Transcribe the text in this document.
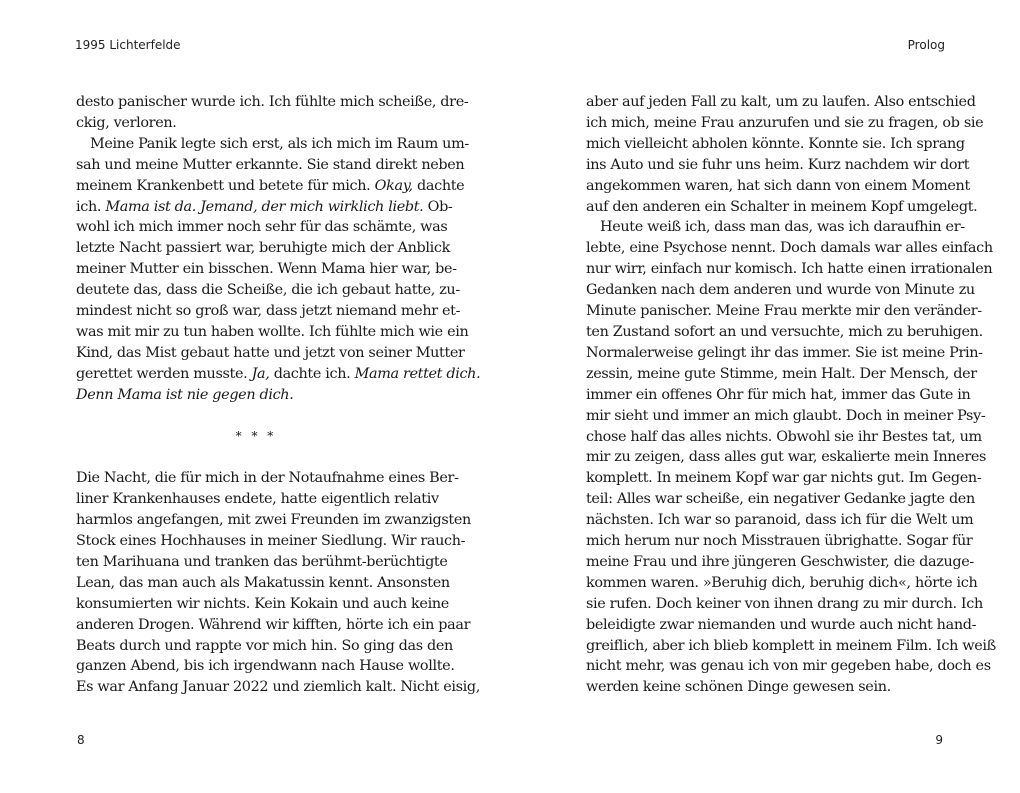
1995 Lichterfelde
desto panischer wurde ich. Ich fühlte mich scheiße, dre-
ckig, verloren.
Meine Panik legte sich erst, als ich mich im Raum um-
sah und meine Mutter erkannte. Sie stand direkt neben
meinem Krankenbett und betete für mich. Okay, dachte
ich. Mama ist da. Jemand, der mich wirklich liebt. Ob-
wohl ich mich immer noch sehr für das schämte, was
letzte Nacht passiert war, beruhigte mich der Anblick
meiner Mutter ein bisschen. Wenn Mama hier war, be-
deutete das, dass die Scheiße, die ich gebaut hatte, zu-
mindest nicht so groß war, dass jetzt niemand mehr et-
was mit mir zu tun haben wollte. Ich fühlte mich wie ein
Kind, das Mist gebaut hatte und jetzt von seiner Mutter
gerettet werden musste. Ja, dachte ich. Mama rettet dich.
Denn Mama ist nie gegen dich.
* * *
Die Nacht, die für mich in der Notaufnahme eines Ber-
liner Krankenhauses endete, hatte eigentlich relativ
harmlos angefangen, mit zwei Freunden im zwanzigsten
Stock eines Hochhauses in meiner Siedlung. Wir rauch-
ten Marihuana und tranken das berühmt-berüchtigte
Lean, das man auch als Makatussin kennt. Ansonsten
konsumierten wir nichts. Kein Kokain und auch keine
anderen Drogen. Während wir kifften, hörte ich ein paar
Beats durch und rappte vor mich hin. So ging das den
ganzen Abend, bis ich irgendwann nach Hause wollte.
Es war Anfang Januar 2022 und ziemlich kalt. Nicht eisig,
8
Prolog
aber auf jeden Fall zu kalt, um zu laufen. Also entschied
ich mich, meine Frau anzurufen und sie zu fragen, ob sie
mich vielleicht abholen könnte. Konnte sie. Ich sprang
ins Auto und sie fuhr uns heim. Kurz nachdem wir dort
angekommen waren, hat sich dann von einem Moment
auf den anderen ein Schalter in meinem Kopf umgelegt.
Heute weiß ich, dass man das, was ich daraufhin er-
lebte, eine Psychose nennt. Doch damals war alles einfach
nur wirr, einfach nur komisch. Ich hatte einen irrationalen
Gedanken nach dem anderen und wurde von Minute zu
Minute panischer. Meine Frau merkte mir den veränder-
ten Zustand sofort an und versuchte, mich zu beruhigen.
Normalerweise gelingt ihr das immer. Sie ist meine Prin-
zessin, meine gute Stimme, mein Halt. Der Mensch, der
immer ein offenes Ohr für mich hat, immer das Gute in
mir sieht und immer an mich glaubt. Doch in meiner Psy-
chose half das alles nichts. Obwohl sie ihr Bestes tat, um
mir zu zeigen, dass alles gut war, eskalierte mein Inneres
komplett. In meinem Kopf war gar nichts gut. Im Gegen-
teil: Alles war scheiße, ein negativer Gedanke jagte den
nächsten. Ich war so paranoid, dass ich für die Welt um
mich herum nur noch Misstrauen übrighatte. Sogar für
meine Frau und ihre jüngeren Geschwister, die dazuge-
kommen waren. »Beruhig dich, beruhig dich«, hörte ich
sie rufen. Doch keiner von ihnen drang zu mir durch. Ich
beleidigte zwar niemanden und wurde auch nicht hand-
greiflich, aber ich blieb komplett in meinem Film. Ich weiß
nicht mehr, was genau ich von mir gegeben habe, doch es
werden keine schönen Dinge gewesen sein.
9
